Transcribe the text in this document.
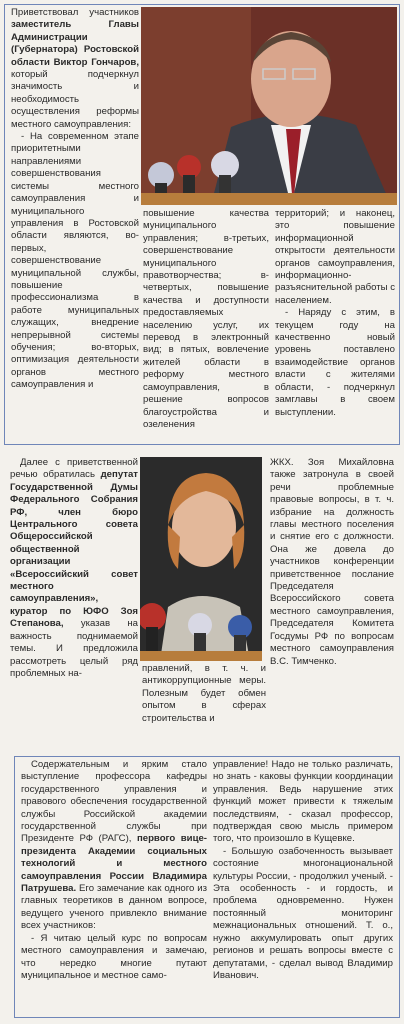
Приветствовал участников заместитель Главы Администрации (Губернатора) Ростовской области Виктор Гончаров, который подчеркнул значимость и необходимость осуществления реформы местного самоуправления:

- На современном этапе приоритетными направлениями совершенствования системы местного самоуправления и муниципального управления в Ростовской области являются, во-первых, совершенствование муниципальной службы, повышение профессионализма в работе муниципальных служащих, внедрение непрерывной системы обучения; во-вторых, оптимизация деятельности органов местного самоуправления и

повышение качества муниципального управления; в-третьих, совершенствование муниципального правотворчества; в-четвертых, повышение качества и доступности предоставляемых населению услуг, их перевод в электронный вид; в пятых, вовлечение жителей области в реформу местного самоуправления, в решение вопросов благоустройства и озеленения

территорий; и наконец, это повышение информационной открытости деятельности органов самоуправления, информационно-разъяснительной работы с населением.

- Наряду с этим, в текущем году на качественно новый уровень поставлено взаимодействие органов власти с жителями области, - подчеркнул замглавы в своем выступлении.

Далее с приветственной речью обратилась депутат Государственной Думы Федерального Собрания РФ, член бюро Центрального совета Общероссийской общественной организации «Всероссийский совет местного самоуправления», куратор по ЮФО Зоя Степанова, указав на важность поднимаемой темы. И предложила рассмотреть целый ряд проблемных на-	правлений, в т. ч. и антикоррупционные меры. Полезным будет обмен опытом в сферах строительства и

ЖКХ. Зоя Михайловна также затронула в своей речи проблемные правовые вопросы, в т. ч. избрание на должность главы местного поселения и снятие его с должности. Она же довела до участников конференции приветственное послание Председателя Всероссийского совета местного самоуправления, Председателя Комитета Госдумы РФ по вопросам местного самоуправления В.С. Тимченко.

Содержательным и ярким стало выступление профессора кафедры государственного управления и правового обеспечения государственной службы Российской академии государственной службы при Президенте РФ (РАГС), первого вице-президента Академии социальных технологий и местного самоуправления России Владимира Патрушева. Его замечание как одного из главных теоретиков в данном вопросе, ведущего ученого привлекло внимание всех участников:

- Я читаю целый курс по вопросам местного самоуправления и замечаю, что нередко многие путают муниципальное и местное само-

управление! Надо не только различать, но знать - каковы функции координации управления. Ведь нарушение этих функций может привести к тяжелым последствиям, - сказал профессор, подтверждая свою мысль примером того, что произошло в Кущевке.

- Большую озабоченность вызывает состояние многонациональной культуры России, - продолжил ученый. - Эта особенность - и гордость, и проблема одновременно. Нужен постоянный мониторинг межнациональных отношений. Т. о., нужно аккумулировать опыт других регионов и решать вопросы вместе с депутатами, - сделал вывод Владимир Иванович.
